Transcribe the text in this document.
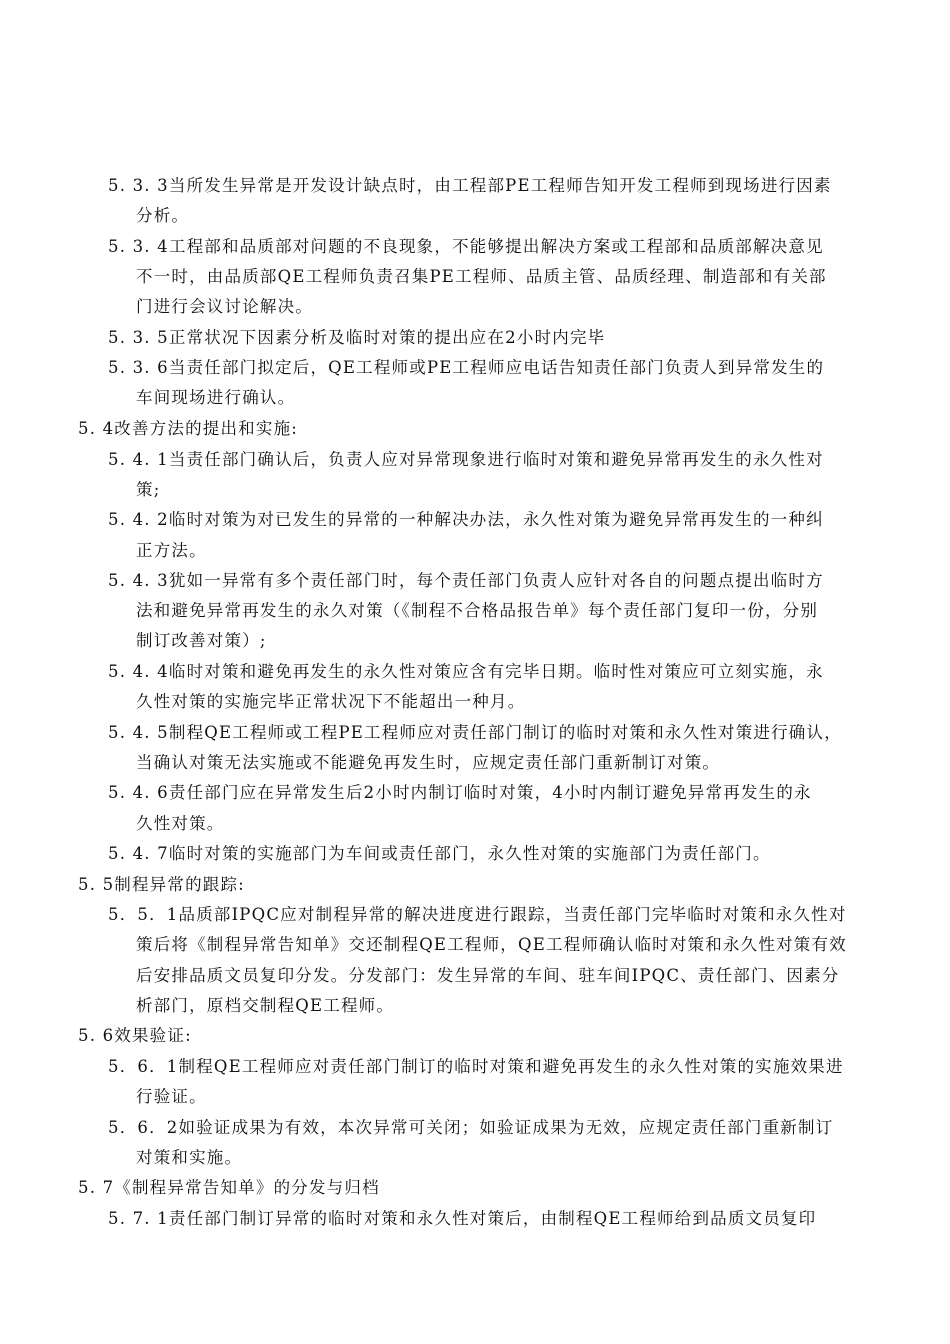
5. 3. 3当所发生异常是开发设计缺点时，由工程部PE工程师告知开发工程师到现场进行因素
分析。
5. 3. 4工程部和品质部对问题的不良现象，不能够提出解决方案或工程部和品质部解决意见
不一时，由品质部QE工程师负责召集PE工程师、品质主管、品质经理、制造部和有关部
门进行会议讨论解决。
5. 3. 5正常状况下因素分析及临时对策的提出应在2小时内完毕
5. 3. 6当责任部门拟定后，QE工程师或PE工程师应电话告知责任部门负责人到异常发生的
车间现场进行确认。
5. 4改善方法的提出和实施:
5. 4. 1当责任部门确认后，负责人应对异常现象进行临时对策和避免异常再发生的永久性对
策;
5. 4. 2临时对策为对已发生的异常的一种解决办法，永久性对策为避免异常再发生的一种纠
正方法。
5. 4. 3犹如一异常有多个责任部门时，每个责任部门负责人应针对各自的问题点提出临时方
法和避免异常再发生的永久对策（《制程不合格品报告单》每个责任部门复印一份，分别
制订改善对策）;
5. 4. 4临时对策和避免再发生的永久性对策应含有完毕日期。临时性对策应可立刻实施，永
久性对策的实施完毕正常状况下不能超出一种月。
5. 4. 5制程QE工程师或工程PE工程师应对责任部门制订的临时对策和永久性对策进行确认，
当确认对策无法实施或不能避免再发生时，应规定责任部门重新制订对策。
5. 4. 6责任部门应在异常发生后2小时内制订临时对策，4小时内制订避免异常再发生的永
久性对策。
5. 4. 7临时对策的实施部门为车间或责任部门，永久性对策的实施部门为责任部门。
5. 5制程异常的跟踪:
5．5．1品质部IPQC应对制程异常的解决进度进行跟踪，当责任部门完毕临时对策和永久性对
策后将《制程异常告知单》交还制程QE工程师，QE工程师确认临时对策和永久性对策有效
后安排品质文员复印分发。分发部门：发生异常的车间、驻车间IPQC、责任部门、因素分
析部门，原档交制程QE工程师。
5. 6效果验证:
5．6．1制程QE工程师应对责任部门制订的临时对策和避免再发生的永久性对策的实施效果进
行验证。
5．6．2如验证成果为有效，本次异常可关闭；如验证成果为无效，应规定责任部门重新制订
对策和实施。
5. 7《制程异常告知单》的分发与归档
5. 7. 1责任部门制订异常的临时对策和永久性对策后，由制程QE工程师给到品质文员复印
